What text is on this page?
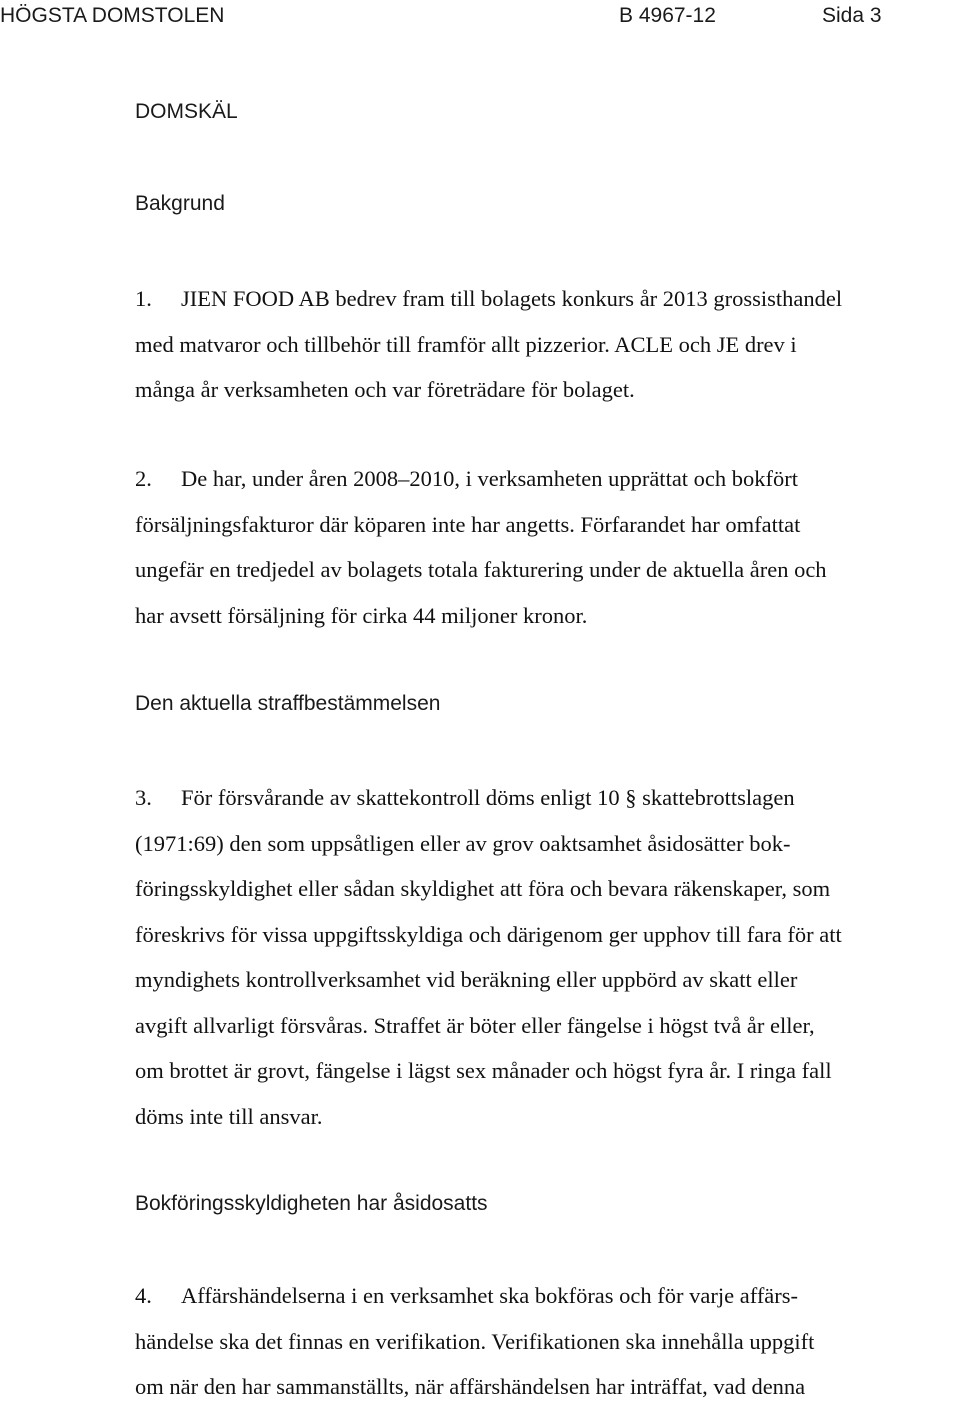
HÖGSTA DOMSTOLEN	B 4967-12	Sida 3
DOMSKÄL
Bakgrund
1. JIEN FOOD AB bedrev fram till bolagets konkurs år 2013 grossisthandel
med matvaror och tillbehör till framför allt pizzerior. ACLE och JE drev i
många år verksamheten och var företrädare för bolaget.
2. De har, under åren 2008–2010, i verksamheten upprättat och bokfört
försäljningsfakturor där köparen inte har angetts. Förfarandet har omfattat
ungefär en tredjedel av bolagets totala fakturering under de aktuella åren och
har avsett försäljning för cirka 44 miljoner kronor.
Den aktuella straffbestämmelsen
3. För försvårande av skattekontroll döms enligt 10 § skattebrottslagen
(1971:69) den som uppsåtligen eller av grov oaktsamhet åsidosätter bok-
föringsskyldighet eller sådan skyldighet att föra och bevara räkenskaper, som
föreskrivs för vissa uppgiftsskyldiga och därigenom ger upphov till fara för att
myndighets kontrollverksamhet vid beräkning eller uppbörd av skatt eller
avgift allvarligt försvåras. Straffet är böter eller fängelse i högst två år eller,
om brottet är grovt, fängelse i lägst sex månader och högst fyra år. I ringa fall
döms inte till ansvar.
Bokföringsskyldigheten har åsidosatts
4. Affärshändelserna i en verksamhet ska bokföras och för varje affärs-
händelse ska det finnas en verifikation. Verifikationen ska innehålla uppgift
om när den har sammanställts, när affärshändelsen har inträffat, vad denna
